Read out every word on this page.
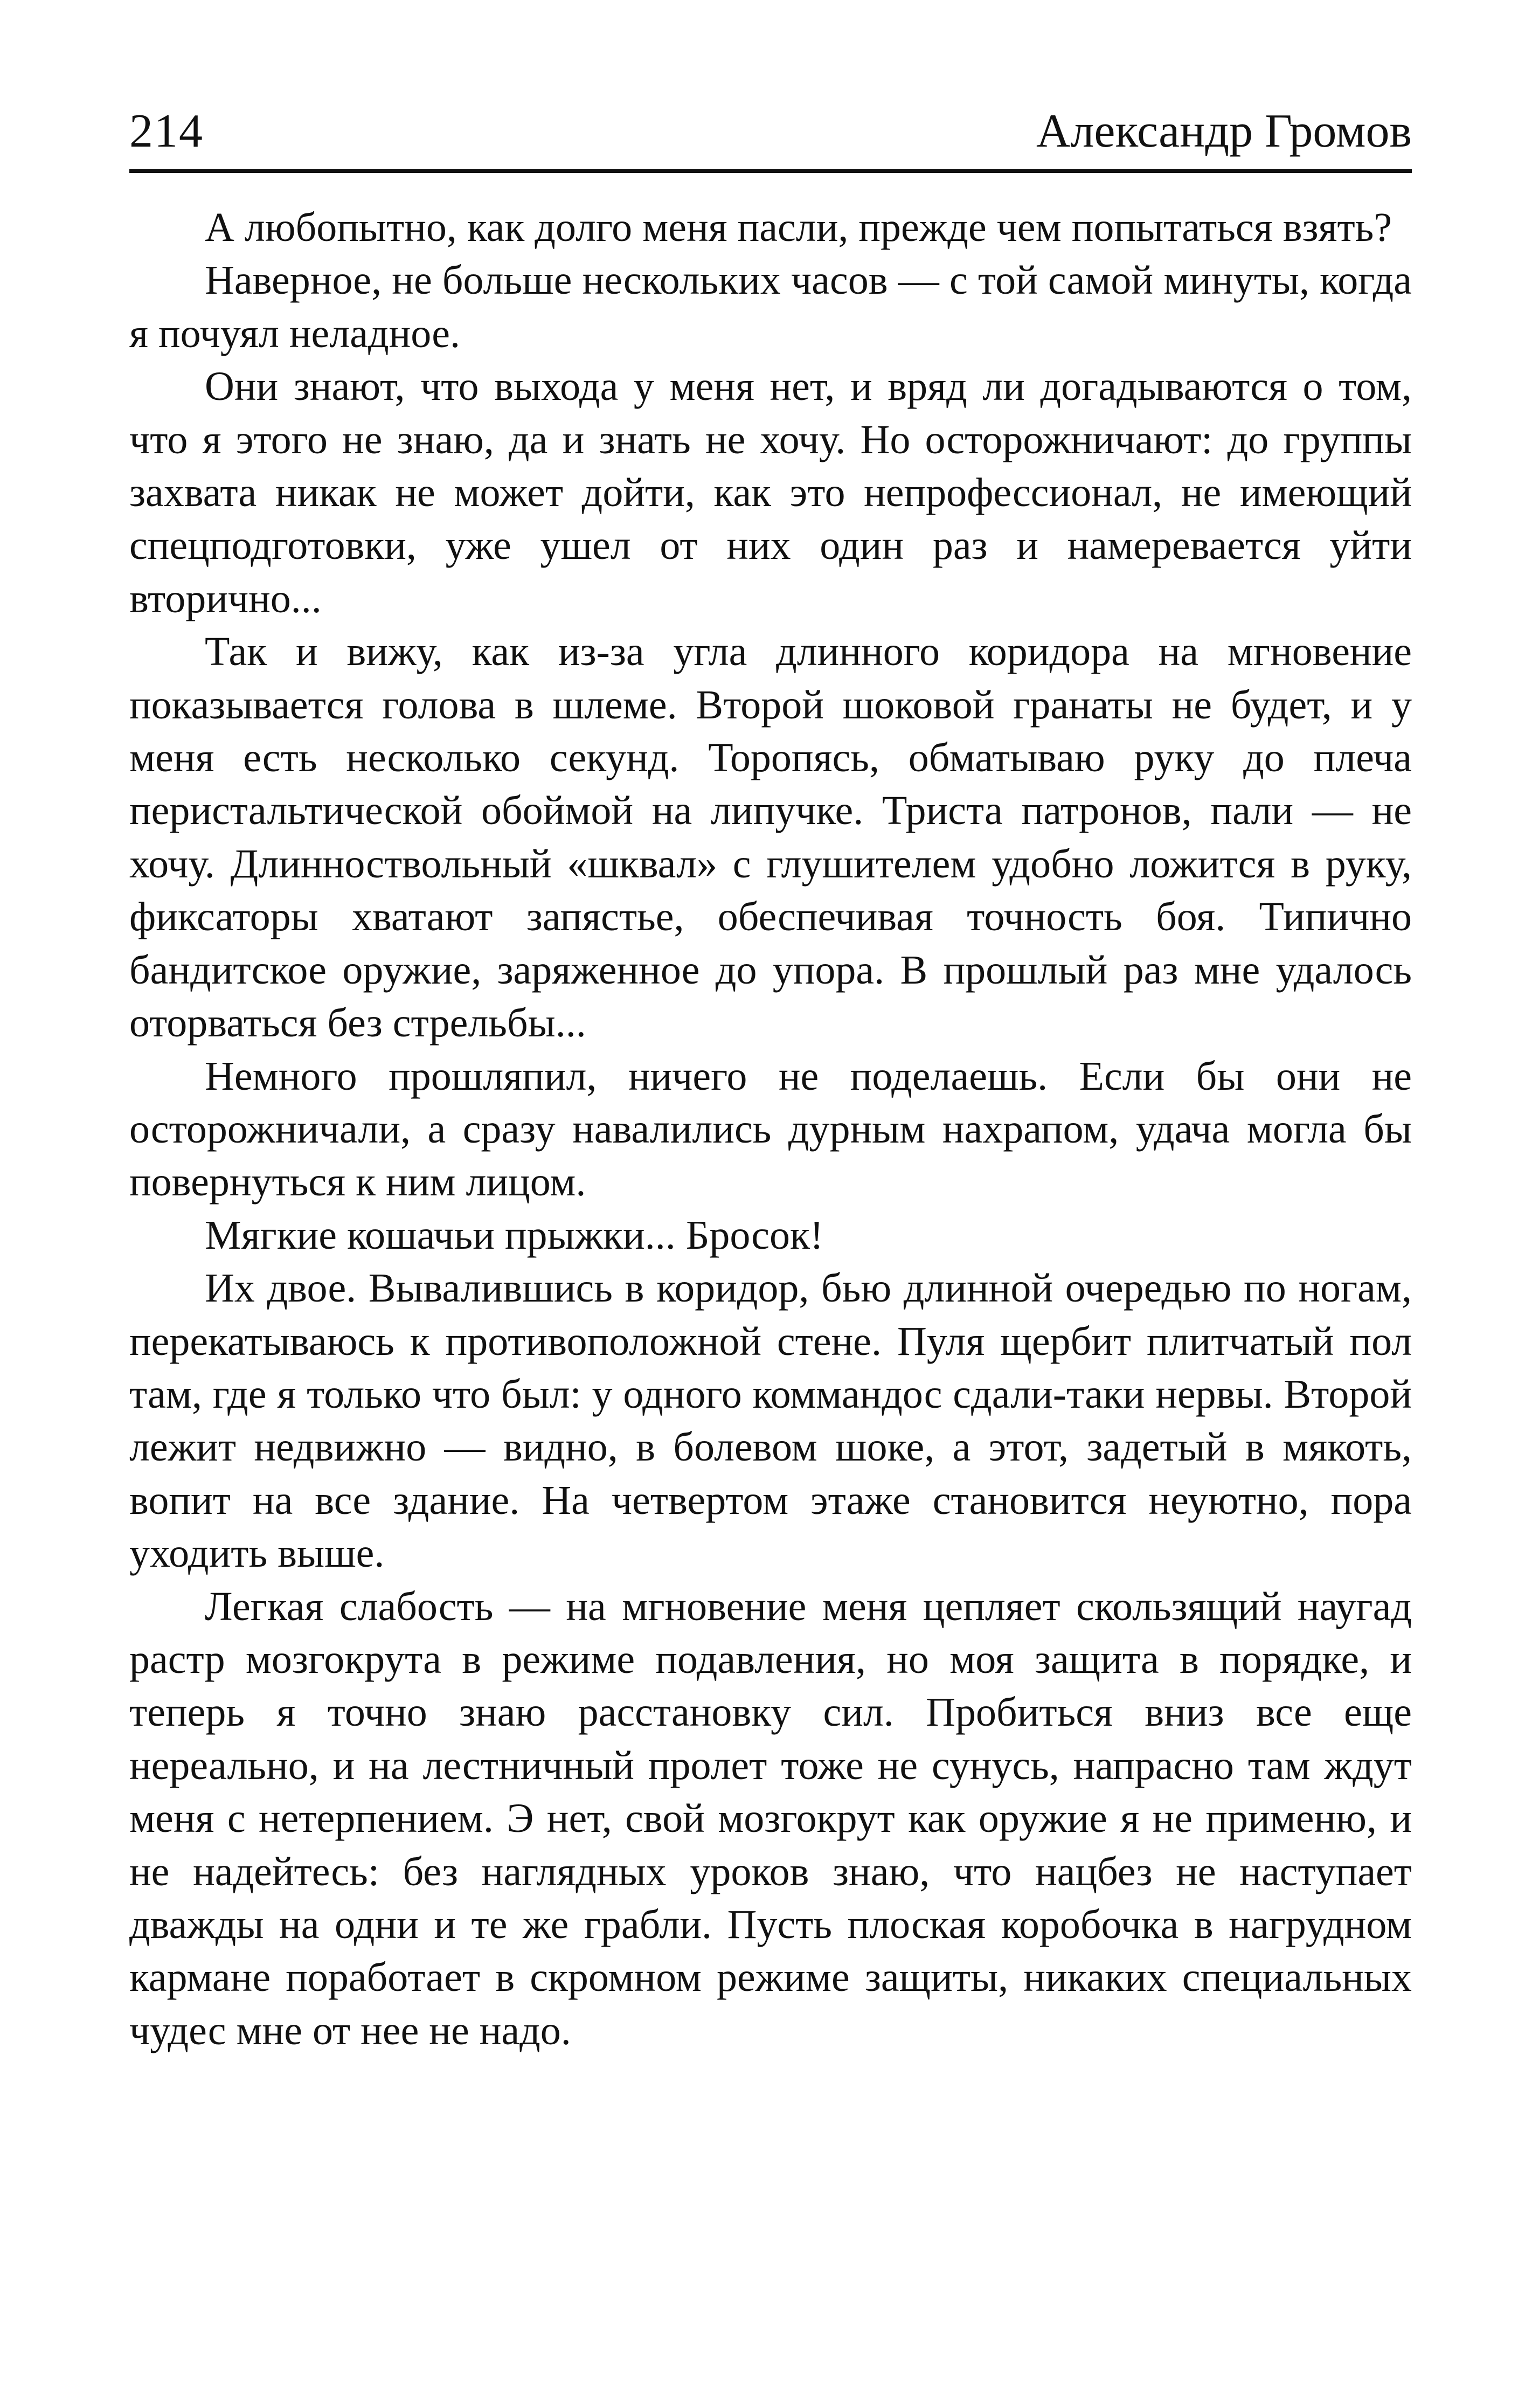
214	Александр Громов

А любопытно, как долго меня пасли, прежде чем попытаться взять?

Наверное, не больше нескольких часов — с той самой минуты, когда я почуял неладное.

Они знают, что выхода у меня нет, и вряд ли догадываются о том, что я этого не знаю, да и знать не хочу. Но осторожничают: до группы захвата никак не может дойти, как это непрофессионал, не имеющий спецподготовки, уже ушел от них один раз и намеревается уйти вторично...

Так и вижу, как из-за угла длинного коридора на мгновение показывается голова в шлеме. Второй шоковой гранаты не будет, и у меня есть несколько секунд. Торопясь, обматываю руку до плеча перистальтической обоймой на липучке. Триста патронов, пали — не хочу. Длинноствольный «шквал» с глушителем удобно ложится в руку, фиксаторы хватают запястье, обеспечивая точность боя. Типично бандитское оружие, заряженное до упора. В прошлый раз мне удалось оторваться без стрельбы...

Немного прошляпил, ничего не поделаешь. Если бы они не осторожничали, а сразу навалились дурным нахрапом, удача могла бы повернуться к ним лицом.

Мягкие кошачьи прыжки... Бросок!

Их двое. Вывалившись в коридор, бью длинной очередью по ногам, перекатываюсь к противоположной стене. Пуля щербит плитчатый пол там, где я только что был: у одного коммандос сдали-таки нервы. Второй лежит недвижно — видно, в болевом шоке, а этот, задетый в мякоть, вопит на все здание. На четвертом этаже становится неуютно, пора уходить выше.

Легкая слабость — на мгновение меня цепляет скользящий наугад растр мозгокрута в режиме подавления, но моя защита в порядке, и теперь я точно знаю расстановку сил. Пробиться вниз все еще нереально, и на лестничный пролет тоже не сунусь, напрасно там ждут меня с нетерпением. Э нет, свой мозгокрут как оружие я не применю, и не надейтесь: без наглядных уроков знаю, что нацбез не наступает дважды на одни и те же грабли. Пусть плоская коробочка в нагрудном кармане поработает в скромном режиме защиты, никаких специальных чудес мне от нее не надо.
